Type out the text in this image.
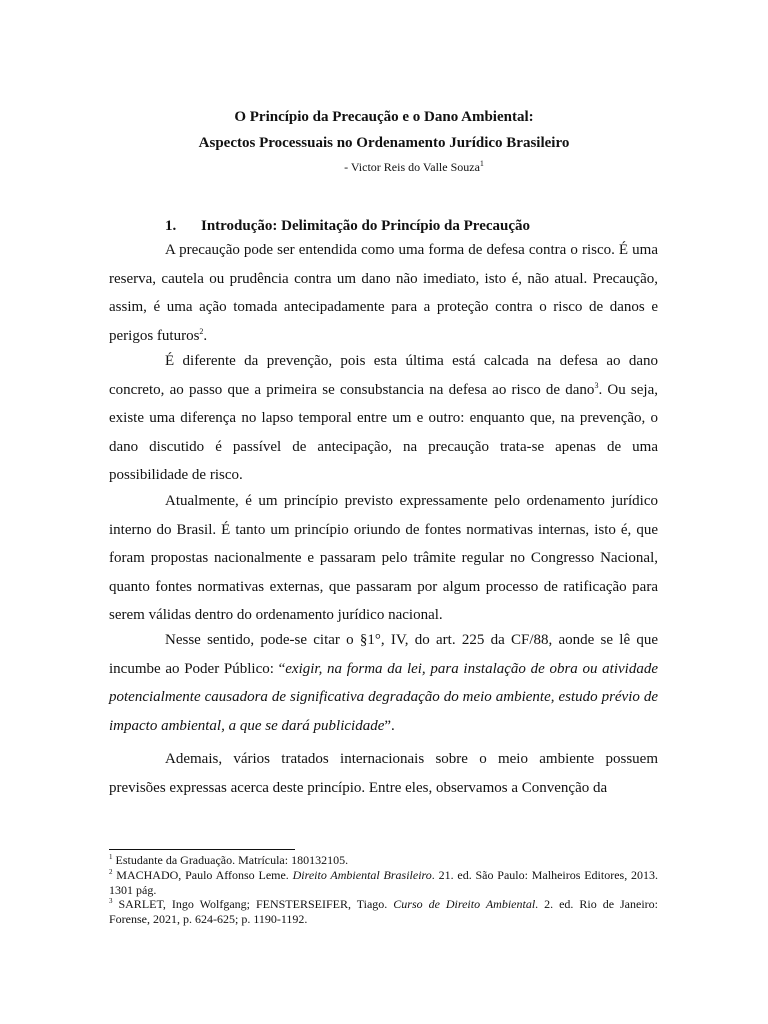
O Princípio da Precaução e o Dano Ambiental:
Aspectos Processuais no Ordenamento Jurídico Brasileiro
- Victor Reis do Valle Souza$^1$
1. Introdução: Delimitação do Princípio da Precaução

A precaução pode ser entendida como uma forma de defesa contra o risco. É uma reserva, cautela ou prudência contra um dano não imediato, isto é, não atual. Precaução, assim, é uma ação tomada antecipadamente para a proteção contra o risco de danos e perigos futuros$^2$.

É diferente da prevenção, pois esta última está calcada na defesa ao dano concreto, ao passo que a primeira se consubstancia na defesa ao risco de dano$^3$. Ou seja, existe uma diferença no lapso temporal entre um e outro: enquanto que, na prevenção, o dano discutido é passível de antecipação, na precaução trata-se apenas de uma possibilidade de risco.

Atualmente, é um princípio previsto expressamente pelo ordenamento jurídico interno do Brasil. É tanto um princípio oriundo de fontes normativas internas, isto é, que foram propostas nacionalmente e passaram pelo trâmite regular no Congresso Nacional, quanto fontes normativas externas, que passaram por algum processo de ratificação para serem válidas dentro do ordenamento jurídico nacional.

Nesse sentido, pode-se citar o §1°, IV, do art. 225 da CF/88, aonde se lê que incumbe ao Poder Público: “exigir, na forma da lei, para instalação de obra ou atividade potencialmente causadora de significativa degradação do meio ambiente, estudo prévio de impacto ambiental, a que se dará publicidade”.

Ademais, vários tratados internacionais sobre o meio ambiente possuem previsões expressas acerca deste princípio. Entre eles, observamos a Convenção da

$^1$ Estudante da Graduação. Matrícula: 180132105.

$^2$ MACHADO, Paulo Affonso Leme. Direito Ambiental Brasileiro. 21. ed. São Paulo: Malheiros Editores, 2013. 1301 pág.

$^3$ SARLET, Ingo Wolfgang; FENSTERSEIFER, Tiago. Curso de Direito Ambiental. 2. ed. Rio de Janeiro: Forense, 2021, p. 624-625; p. 1190-1192.
